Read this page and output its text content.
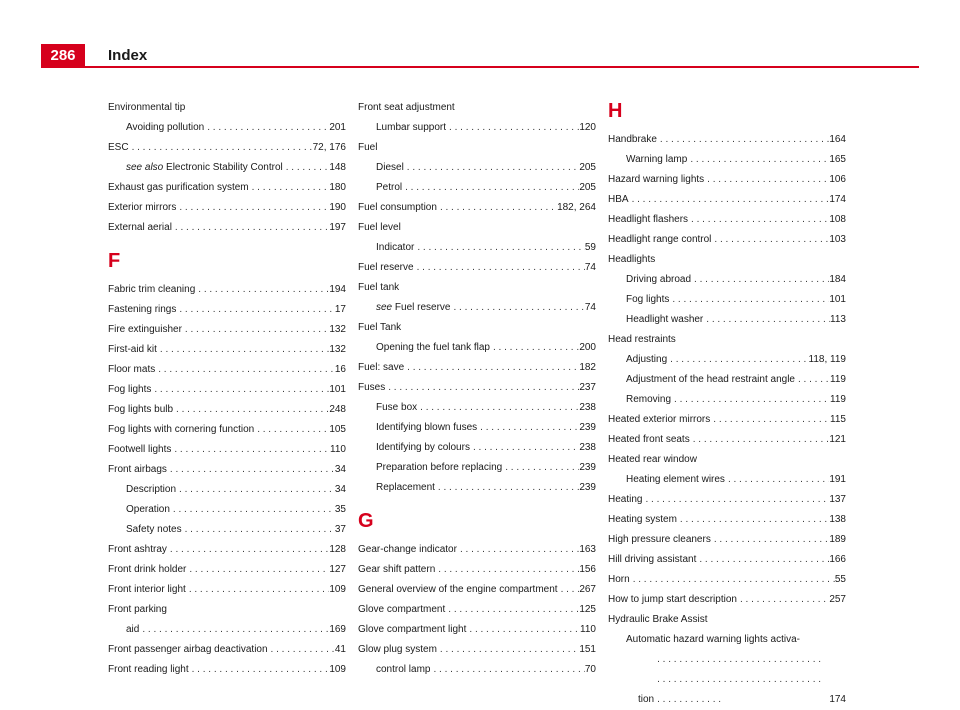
286	Index
Environmental tip
Avoiding pollution . . .	201
ESC . . .	72, 176
see also Electronic Stability Control . . .	148
Exhaust gas purification system . . .	180
Exterior mirrors . . .	190
External aerial . . .	197
F
Fabric trim cleaning . . .	194
Fastening rings . . .	17
Fire extinguisher . . .	132
First-aid kit . . .	132
Floor mats . . .	16
Fog lights . . .	101
Fog lights bulb . . .	248
Fog lights with cornering function . . .	105
Footwell lights . . .	110
Front airbags . . .	34
Description . . .	34
Operation . . .	35
Safety notes . . .	37
Front ashtray . . .	128
Front drink holder . . .	127
Front interior light . . .	109
Front parking
aid . . .	169
Front passenger airbag deactivation . . .	41
Front reading light . . .	109
Front seat adjustment
Lumbar support . . .	120
Fuel
Diesel . . .	205
Petrol . . .	205
Fuel consumption . . .	182, 264
Fuel level
Indicator . . .	59
Fuel reserve . . .	74
Fuel tank
see Fuel reserve . . .	74
Fuel Tank
Opening the fuel tank flap . . .	200
Fuel: save . . .	182
Fuses . . .	237
Fuse box . . .	238
Identifying blown fuses . . .	239
Identifying by colours . . .	238
Preparation before replacing . . .	239
Replacement . . .	239
G
Gear-change indicator . . .	163
Gear shift pattern . . .	156
General overview of the engine compartment . . . 267
Glove compartment . . .	125
Glove compartment light . . .	110
Glow plug system . . .	151
control lamp . . .	70
H
Handbrake . . .	164
Warning lamp . . .	165
Hazard warning lights . . .	106
HBA . . .	174
Headlight flashers . . .	108
Headlight range control . . .	103
Headlights
Driving abroad . . .	184
Fog lights . . .	101
Headlight washer . . .	113
Head restraints
Adjusting . . .	118, 119
Adjustment of the head restraint angle . . .	119
Removing . . .	119
Heated exterior mirrors . . .	115
Heated front seats . . .	121
Heated rear window
Heating element wires . . .	191
Heating . . .	137
Heating system . . .	138
High pressure cleaners . . .	189
Hill driving assistant . . .	166
Horn . . .	55
How to jump start description . . .	257
Hydraulic Brake Assist
Automatic hazard warning lights activa-
tion . . .	174
